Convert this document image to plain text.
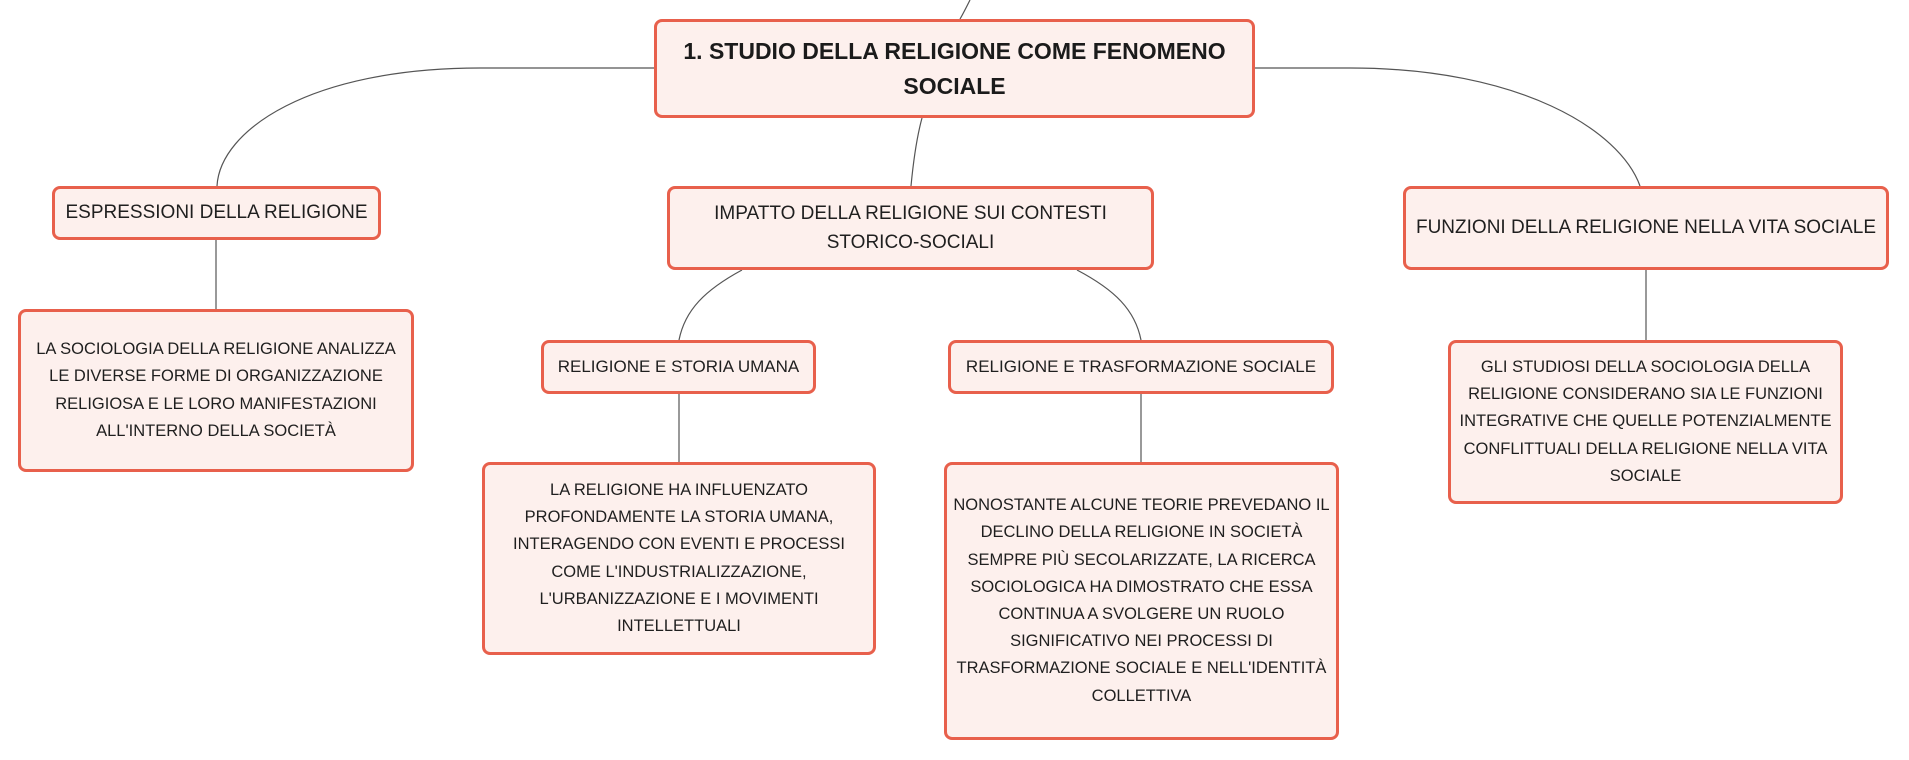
1. STUDIO DELLA RELIGIONE COME FENOMENO SOCIALE
ESPRESSIONI DELLA RELIGIONE	IMPATTO DELLA RELIGIONE SUI CONTESTI STORICO-SOCIALI
FUNZIONI DELLA RELIGIONE NELLA VITA SOCIALE
LA SOCIOLOGIA DELLA RELIGIONE ANALIZZA LE DIVERSE FORME DI ORGANIZZAZIONE RELIGIOSA E LE LORO MANIFESTAZIONI ALL'INTERNO DELLA SOCIETÀ
RELIGIONE E STORIA UMANA	RELIGIONE E TRASFORMAZIONE SOCIALE	GLI STUDIOSI DELLA SOCIOLOGIA DELLA RELIGIONE CONSIDERANO SIA LE FUNZIONI INTEGRATIVE CHE QUELLE POTENZIALMENTE CONFLITTUALI DELLA RELIGIONE NELLA VITA SOCIALE
LA RELIGIONE HA INFLUENZATO PROFONDAMENTE LA STORIA UMANA, INTERAGENDO CON EVENTI E PROCESSI COME L'INDUSTRIALIZZAZIONE, L'URBANIZZAZIONE E I MOVIMENTI INTELLETTUALI
NONOSTANTE ALCUNE TEORIE PREVEDANO IL DECLINO DELLA RELIGIONE IN SOCIETÀ SEMPRE PIÙ SECOLARIZZATE, LA RICERCA SOCIOLOGICA HA DIMOSTRATO CHE ESSA CONTINUA A SVOLGERE UN RUOLO SIGNIFICATIVO NEI PROCESSI DI TRASFORMAZIONE SOCIALE E NELL'IDENTITÀ COLLETTIVA
